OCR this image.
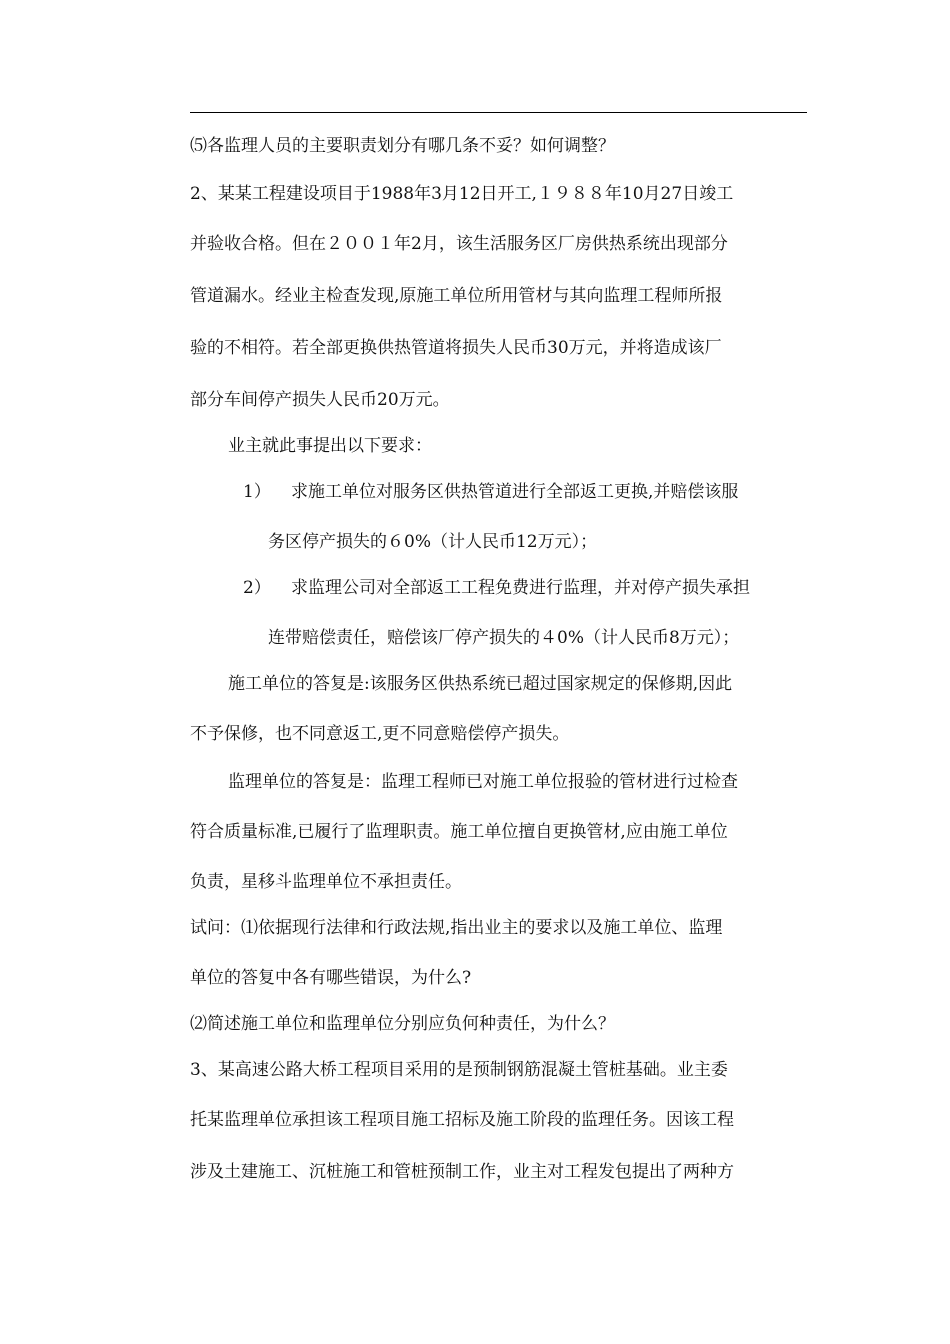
⑸各监理人员的主要职责划分有哪几条不妥？如何调整？
2、某某工程建设项目于1988年3月12日开工,１９８８年10月27日竣工
并验收合格。但在２００１年2月，该生活服务区厂房供热系统出现部分
管道漏水。经业主检查发现,原施工单位所用管材与其向监理工程师所报
验的不相符。若全部更换供热管道将损失人民币30万元，并将造成该厂
部分车间停产损失人民币20万元。
业主就此事提出以下要求：
1） 求施工单位对服务区供热管道进行全部返工更换,并赔偿该服
务区停产损失的６0%（计人民币12万元）；
2） 求监理公司对全部返工工程免费进行监理，并对停产损失承担
连带赔偿责任，赔偿该厂停产损失的４0%（计人民币8万元）；
施工单位的答复是:该服务区供热系统已超过国家规定的保修期,因此
不予保修，也不同意返工,更不同意赔偿停产损失。
监理单位的答复是：监理工程师已对施工单位报验的管材进行过检查
符合质量标准,已履行了监理职责。施工单位擅自更换管材,应由施工单位
负责，星移斗监理单位不承担责任。
试问：⑴依据现行法律和行政法规,指出业主的要求以及施工单位、监理
单位的答复中各有哪些错误，为什么?
⑵简述施工单位和监理单位分别应负何种责任，为什么？
3、某高速公路大桥工程项目采用的是预制钢筋混凝土管桩基础。业主委
托某监理单位承担该工程项目施工招标及施工阶段的监理任务。因该工程
涉及土建施工、沉桩施工和管桩预制工作，业主对工程发包提出了两种方
